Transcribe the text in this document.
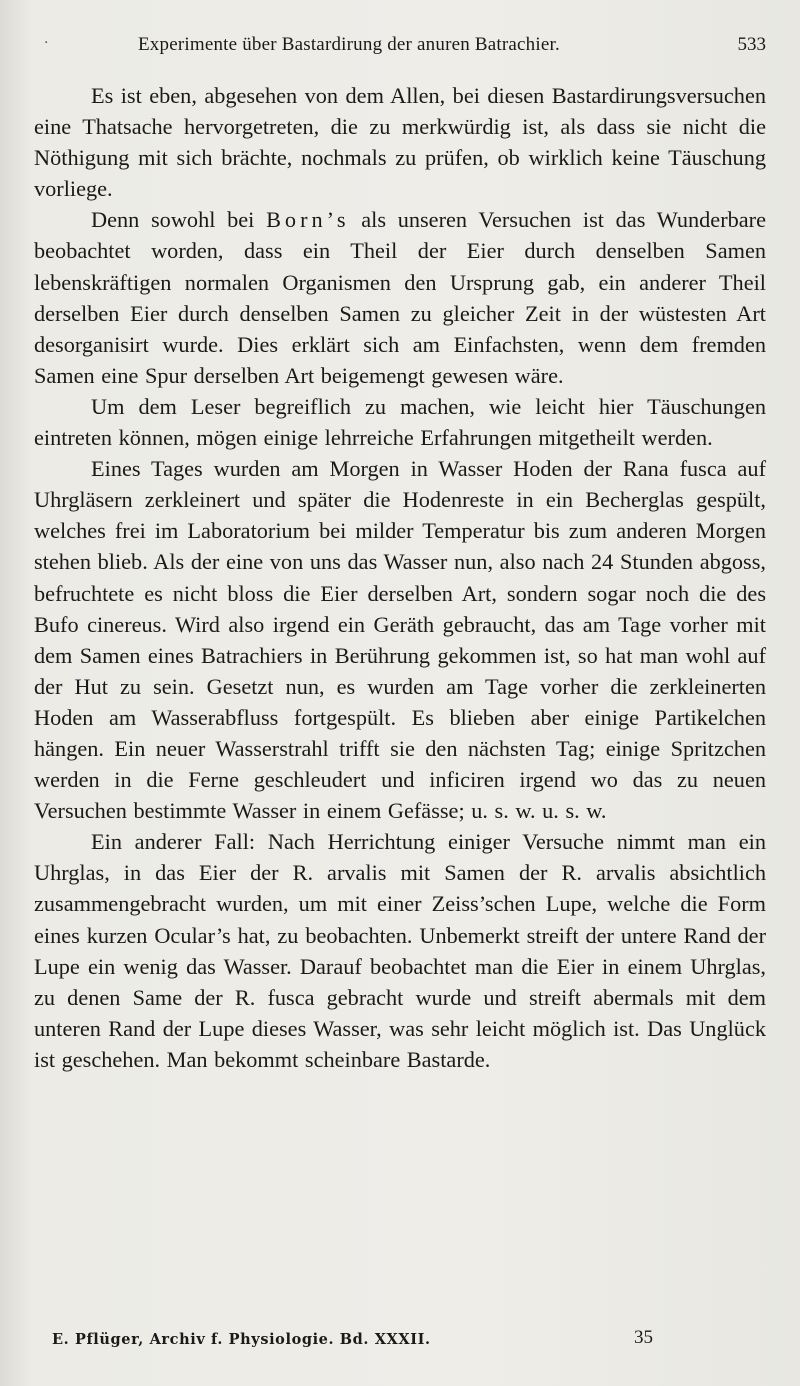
·	Experimente über Bastardirung der anuren Batrachier.	533

Es ist eben, abgesehen von dem Allen, bei diesen Bastardirungsversuchen eine Thatsache hervorgetreten, die zu merkwürdig ist, als dass sie nicht die Nöthigung mit sich brächte, nochmals zu prüfen, ob wirklich keine Täuschung vorliege.

Denn sowohl bei Born’s als unseren Versuchen ist das Wunderbare beobachtet worden, dass ein Theil der Eier durch denselben Samen lebenskräftigen normalen Organismen den Ursprung gab, ein anderer Theil derselben Eier durch denselben Samen zu gleicher Zeit in der wüstesten Art desorganisirt wurde. Dies erklärt sich am Einfachsten, wenn dem fremden Samen eine Spur derselben Art beigemengt gewesen wäre.

Um dem Leser begreiflich zu machen, wie leicht hier Täuschungen eintreten können, mögen einige lehrreiche Erfahrungen mitgetheilt werden.

Eines Tages wurden am Morgen in Wasser Hoden der Rana fusca auf Uhrgläsern zerkleinert und später die Hodenreste in ein Becherglas gespült, welches frei im Laboratorium bei milder Temperatur bis zum anderen Morgen stehen blieb. Als der eine von uns das Wasser nun, also nach 24 Stunden abgoss, befruchtete es nicht bloss die Eier derselben Art, sondern sogar noch die des Bufo cinereus. Wird also irgend ein Geräth gebraucht, das am Tage vorher mit dem Samen eines Batrachiers in Berührung gekommen ist, so hat man wohl auf der Hut zu sein. Gesetzt nun, es wurden am Tage vorher die zerkleinerten Hoden am Wasserabfluss fortgespült. Es blieben aber einige Partikelchen hängen. Ein neuer Wasserstrahl trifft sie den nächsten Tag; einige Spritzchen werden in die Ferne geschleudert und inficiren irgend wo das zu neuen Versuchen bestimmte Wasser in einem Gefässe; u. s. w. u. s. w.

Ein anderer Fall: Nach Herrichtung einiger Versuche nimmt man ein Uhrglas, in das Eier der R. arvalis mit Samen der R. arvalis absichtlich zusammengebracht wurden, um mit einer Zeiss’schen Lupe, welche die Form eines kurzen Ocular’s hat, zu beobachten. Unbemerkt streift der untere Rand der Lupe ein wenig das Wasser. Darauf beobachtet man die Eier in einem Uhrglas, zu denen Same der R. fusca gebracht wurde und streift abermals mit dem unteren Rand der Lupe dieses Wasser, was sehr leicht möglich ist. Das Unglück ist geschehen. Man bekommt scheinbare Bastarde.

E. Pflüger, Archiv f. Physiologie. Bd. XXXII.	35
